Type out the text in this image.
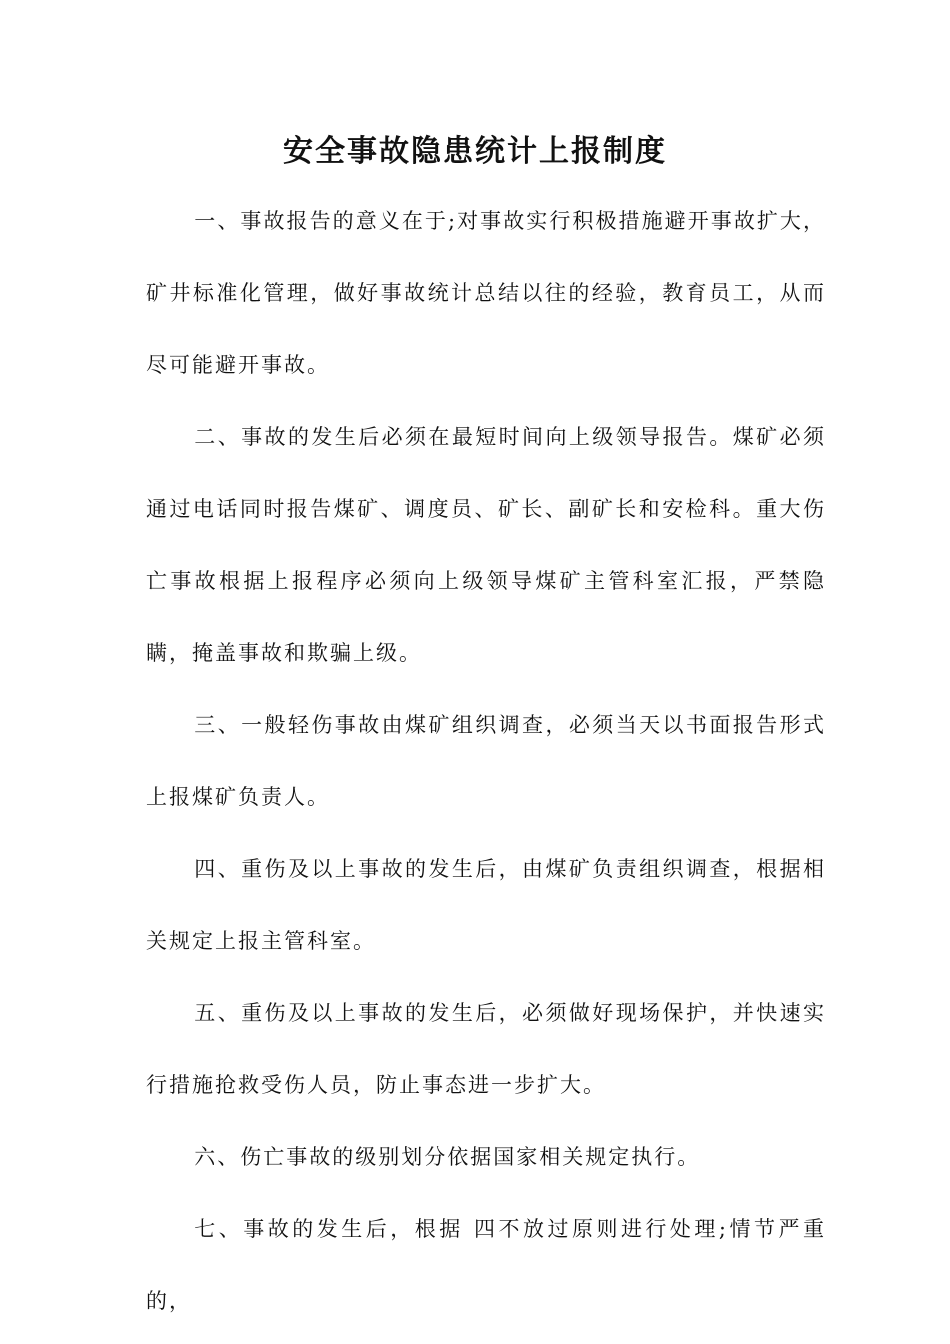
安全事故隐患统计上报制度

一、事故报告的意义在于;对事故实行积极措施避开事故扩大，矿井标准化管理，做好事故统计总结以往的经验，教育员工，从而尽可能避开事故。

二、事故的发生后必须在最短时间向上级领导报告。煤矿必须通过电话同时报告煤矿、调度员、矿长、副矿长和安检科。重大伤亡事故根据上报程序必须向上级领导煤矿主管科室汇报，严禁隐瞒，掩盖事故和欺骗上级。

三、一般轻伤事故由煤矿组织调查，必须当天以书面报告形式上报煤矿负责人。

四、重伤及以上事故的发生后，由煤矿负责组织调查，根据相关规定上报主管科室。

五、重伤及以上事故的发生后，必须做好现场保护，并快速实行措施抢救受伤人员，防止事态进一步扩大。

六、伤亡事故的级别划分依据国家相关规定执行。

七、事故的发生后，根据 四不放过原则进行处理;情节严重的，
